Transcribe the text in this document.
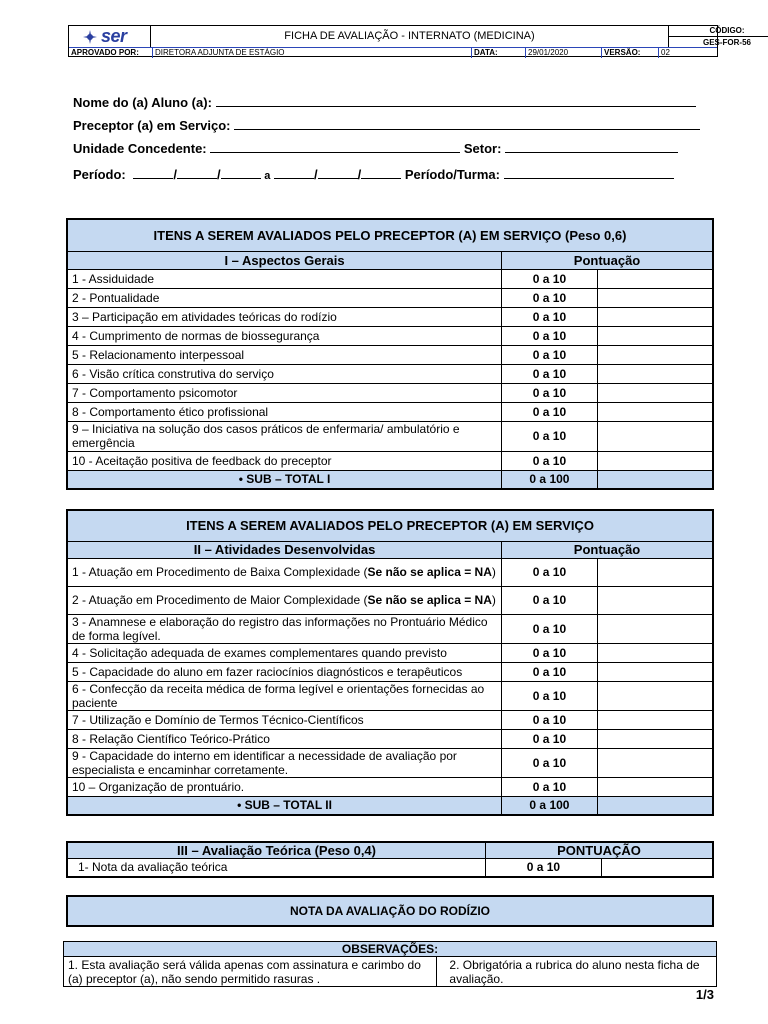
ser	FICHA DE AVALIAÇÃO - INTERNATO (MEDICINA)	CÓDIGO:
GES-FOR-56
APROVADO POR:	DIRETORA ADJUNTA DE ESTÁGIO	DATA:	29/01/2020	VERSÃO:	02
Nome do (a) Aluno (a):
Preceptor (a) em Serviço:
Unidade Concedente:	Setor:
Período:	/	/	a	/	/	Período/Turma:
ITENS A SEREM AVALIADOS PELO PRECEPTOR (A) EM SERVIÇO (Peso 0,6)		
I – Aspectos Gerais	Pontuação	
1 - Assiduidade	0 a 10	
2 - Pontualidade	0 a 10	
3 – Participação em atividades teóricas do rodízio	0 a 10	
4 - Cumprimento de normas de biossegurança	0 a 10	
5 - Relacionamento interpessoal	0 a 10	
6 - Visão crítica construtiva do serviço	0 a 10	
7 - Comportamento psicomotor	0 a 10	
8 - Comportamento ético profissional	0 a 10	
9 – Iniciativa na solução dos casos práticos de enfermaria/ ambulatório e emergência	0 a 10	
10 - Aceitação positiva de feedback do preceptor	0 a 10	
• SUB – TOTAL I	0 a 100	
ITENS A SEREM AVALIADOS PELO PRECEPTOR (A) EM SERVIÇO		
II – Atividades Desenvolvidas	Pontuação	
1 - Atuação em Procedimento de Baixa Complexidade (Se não se aplica = NA)	0 a 10	
2 - Atuação em Procedimento de Maior Complexidade (Se não se aplica = NA)	0 a 10	
3 - Anamnese e elaboração do registro das informações no Prontuário Médico de forma legível.	0 a 10	
4 - Solicitação adequada de exames complementares quando previsto	0 a 10	
5 - Capacidade do aluno em fazer raciocínios diagnósticos e terapêuticos	0 a 10	
6 - Confecção da receita médica de forma legível e orientações fornecidas ao paciente	0 a 10	
7 - Utilização e Domínio de Termos Técnico-Científicos	0 a 10	
8 - Relação Científico Teórico-Prático	0 a 10	
9 - Capacidade do interno em identificar a necessidade de avaliação por especialista e encaminhar corretamente.	0 a 10	
10 – Organização de prontuário.	0 a 10	
• SUB – TOTAL II	0 a 100	
III – Avaliação Teórica (Peso 0,4)	PONTUAÇÃO	
1- Nota da avaliação teórica	0 a 10	
NOTA DA AVALIAÇÃO DO RODÍZIO
OBSERVAÇÕES:
1. Esta avaliação será válida apenas com assinatura e carimbo do (a) preceptor (a), não sendo permitido rasuras .	2. Obrigatória a rubrica do aluno nesta ficha de avaliação.
1/3
